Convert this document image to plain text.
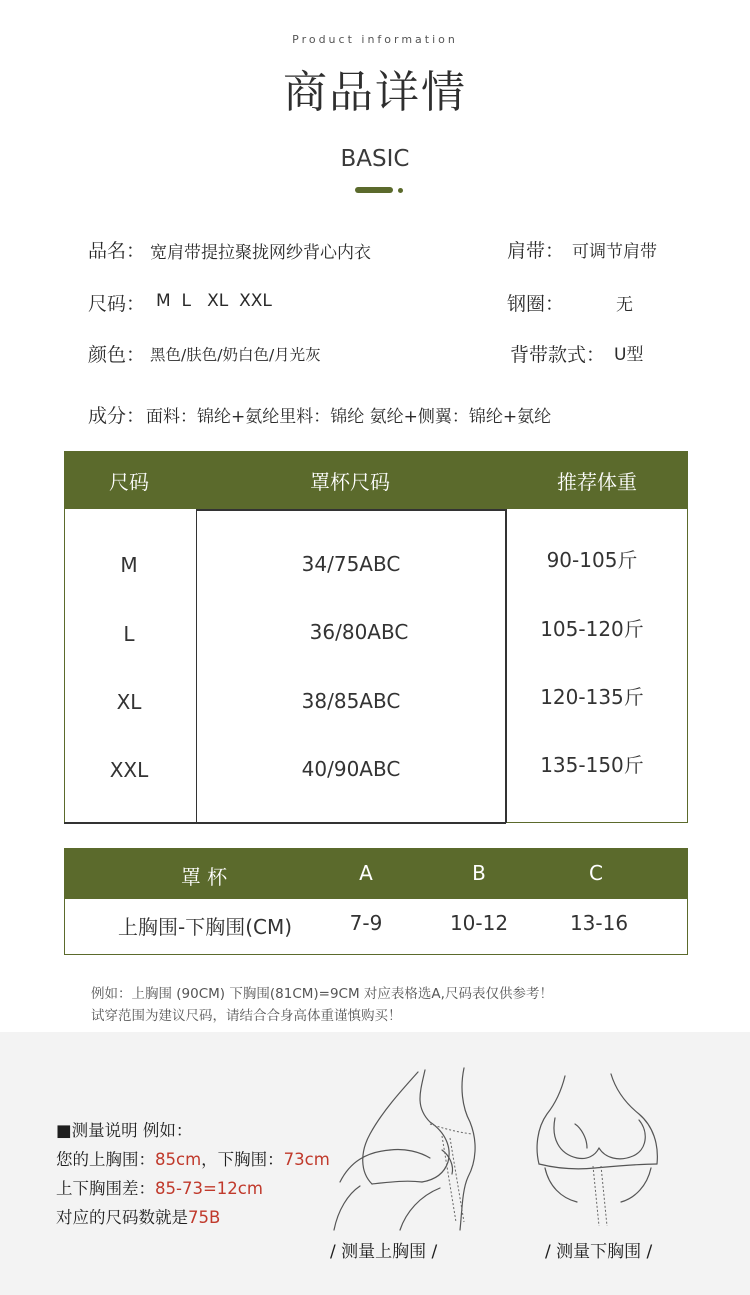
Product information
商品详情
BASIC
品名： 宽肩带提拉聚拢网纱背心内衣	肩带： 可调节肩带
尺码： M  L   XL  XXL	钢圈：	无
颜色： 黑色/肤色/奶白色/月光灰	背带款式： U型
成分： 面料：锦纶+氨纶里料：锦纶 氨纶+侧翼：锦纶+氨纶
尺码	罩杯尺码	推荐体重
M	34/75ABC	90-105斤
L	36/80ABC	105-120斤
XL	38/85ABC	120-135斤
XXL	40/90ABC	135-150斤
罩 杯	A	B	C
上胸围-下胸围(CM)	7-9	10-12	13-16
例如：上胸围 (90CM) 下胸围(81CM)=9CM 对应表格选A,尺码表仅供参考！
试穿范围为建议尺码，请结合合身高体重谨慎购买！
■测量说明 例如：
您的上胸围：85cm，下胸围：73cm
上下胸围差：85-73=12cm
对应的尺码数就是75B
/ 测量上胸围 /	/ 测量下胸围 /
